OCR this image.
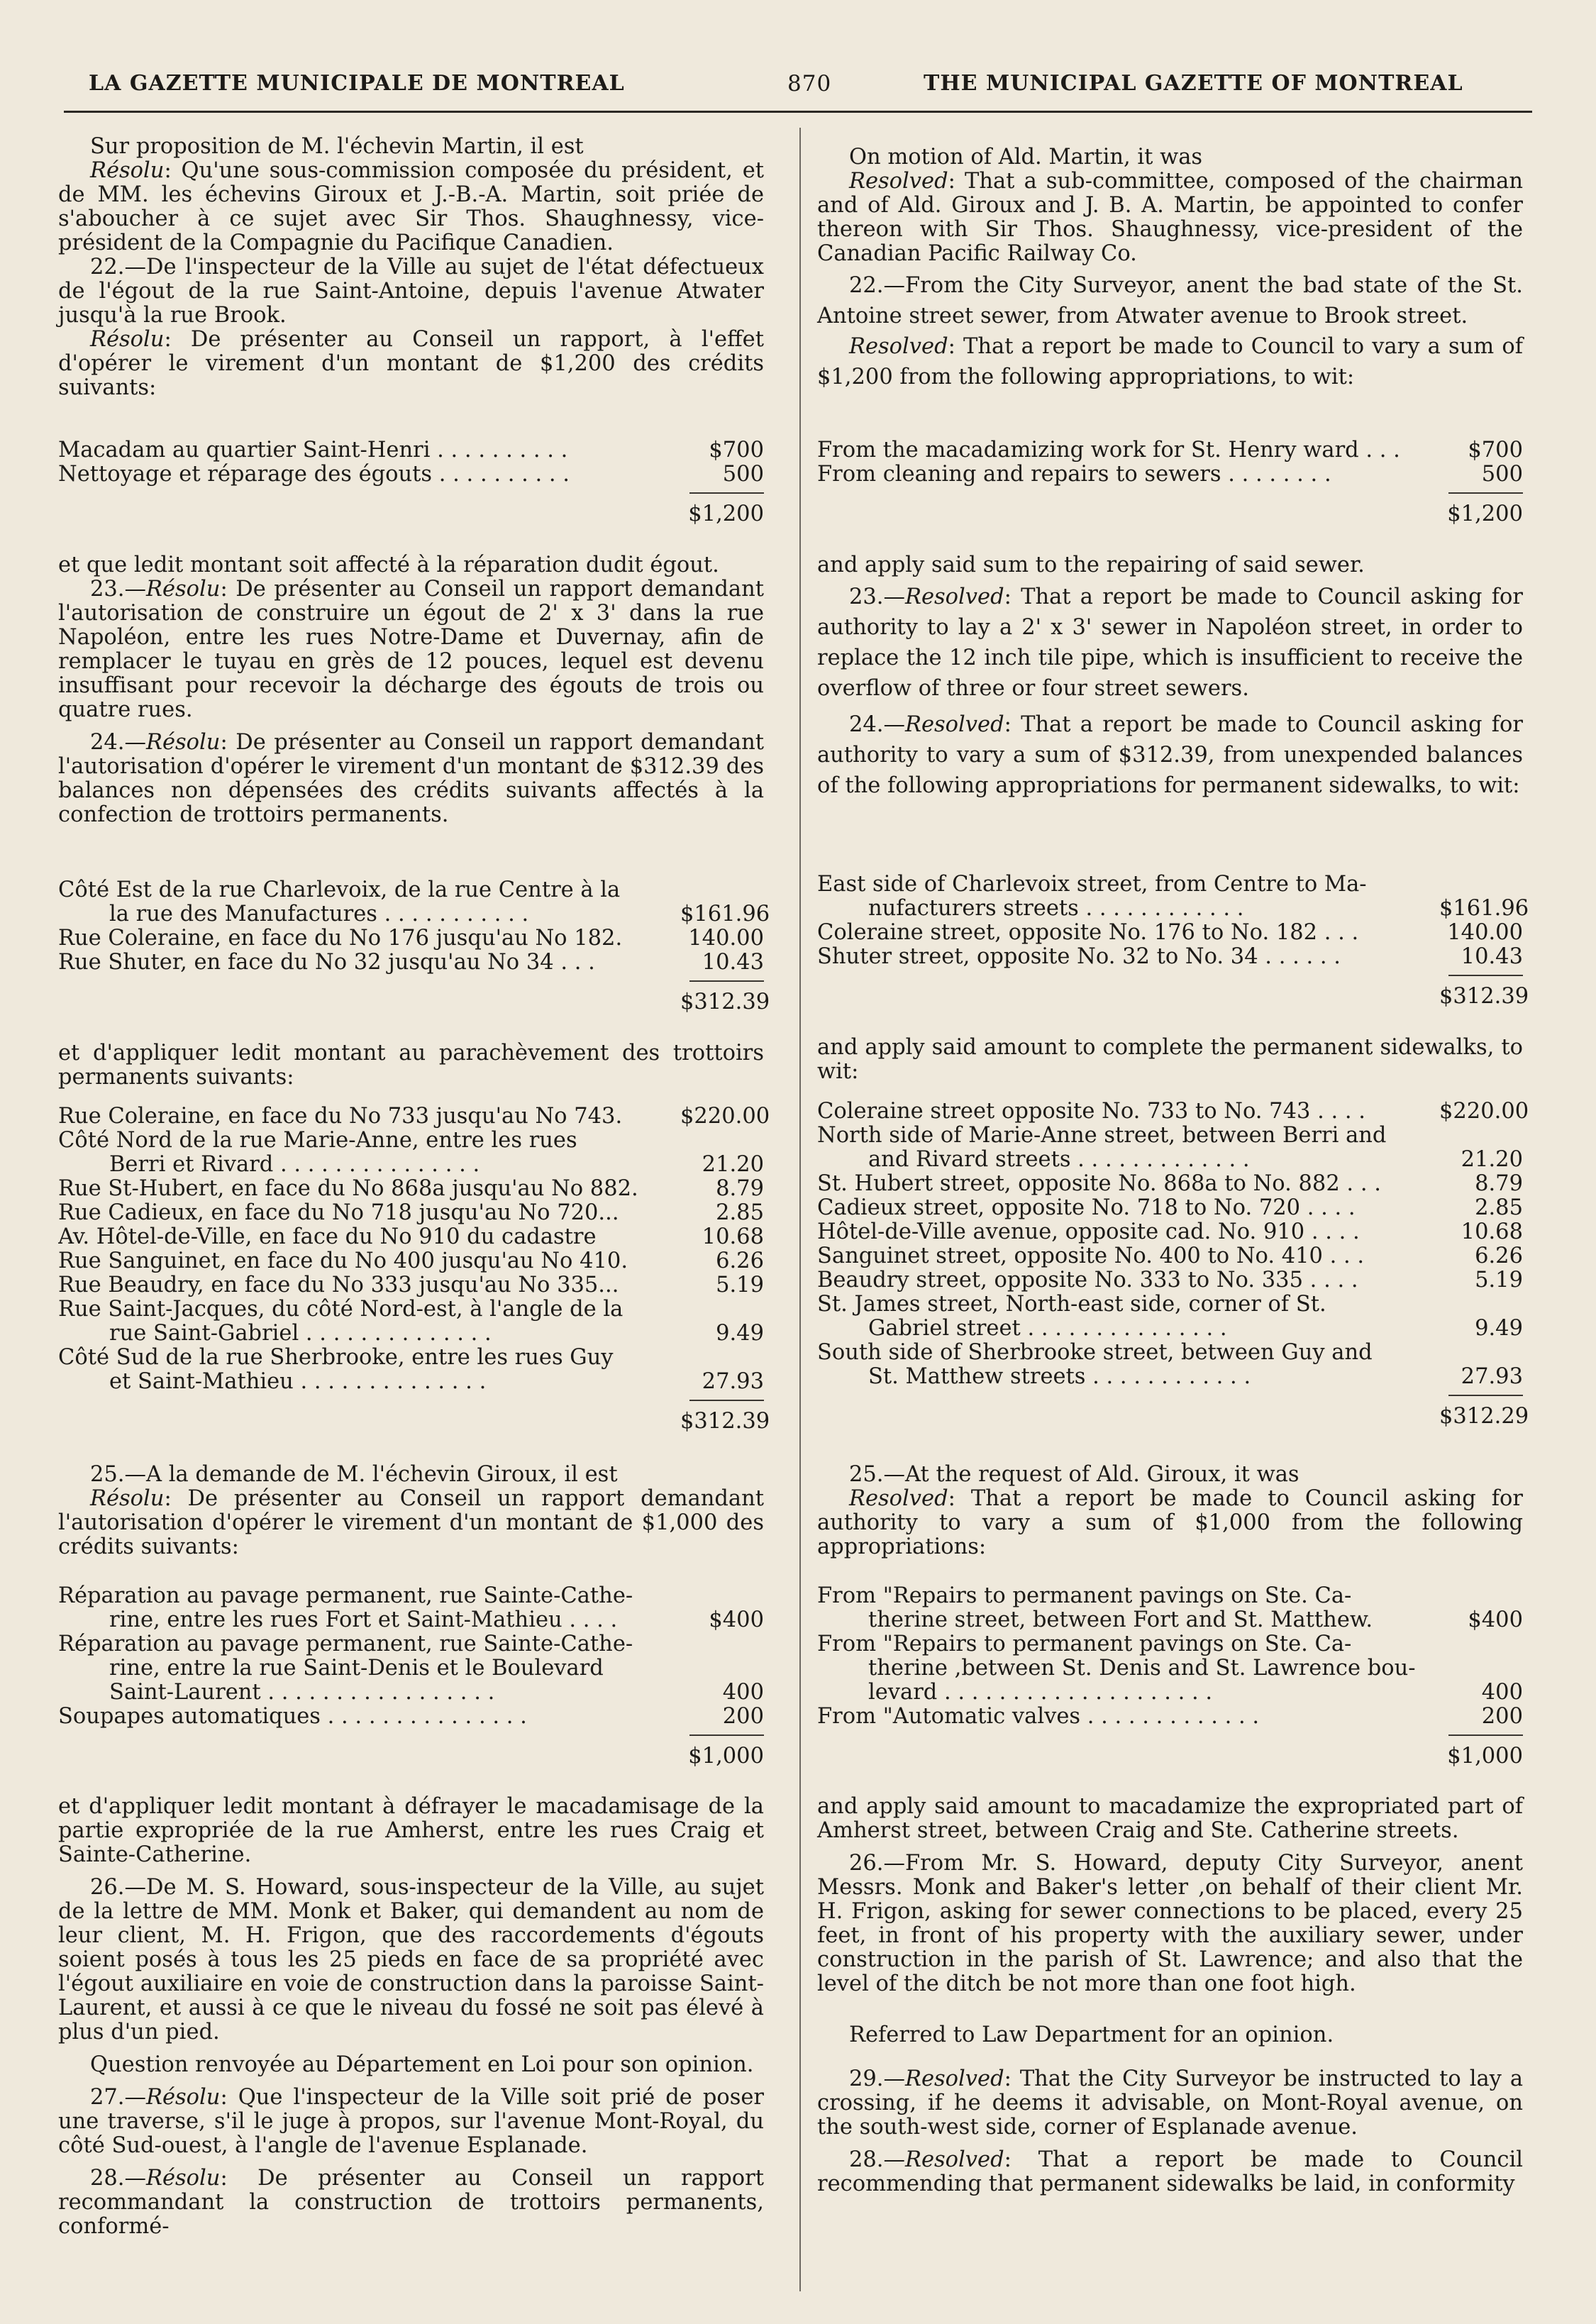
LA GAZETTE MUNICIPALE DE MONTREAL	870	THE MUNICIPAL GAZETTE OF MONTREAL

Sur proposition de M. l'échevin Martin, il est

Résolu: Qu'une sous-commission composée du président, et de MM. les échevins Giroux et J.-B.-A. Martin, soit priée de s'aboucher à ce sujet avec Sir Thos. Shaughnessy, vice-président de la Compagnie du Pacifique Canadien.

22.—De l'inspecteur de la Ville au sujet de l'état défectueux de l'égout de la rue Saint-Antoine, depuis l'avenue Atwater jusqu'à la rue Brook.

Résolu: De présenter au Conseil un rapport, à l'effet d'opérer le virement d'un montant de $1,200 des crédits suivants:

Macadam au quartier Saint-Henri . . . . . . . . . .	$700
Nettoyage et réparage des égouts . . . . . . . . . .	500
$1,200

et que ledit montant soit affecté à la réparation dudit égout.

23.—Résolu: De présenter au Conseil un rapport demandant l'autorisation de construire un égout de 2' x 3' dans la rue Napoléon, entre les rues Notre-Dame et Duvernay, afin de remplacer le tuyau en grès de 12 pouces, lequel est devenu insuffisant pour recevoir la décharge des égouts de trois ou quatre rues.

24.—Résolu: De présenter au Conseil un rapport demandant l'autorisation d'opérer le virement d'un montant de $312.39 des balances non dépensées des crédits suivants affectés à la confection de trottoirs permanents.

Côté Est de la rue Charlevoix, de la rue Centre à la
la rue des Manufactures . . . . . . . . . . .	$161.96
Rue Coleraine, en face du No 176 jusqu'au No 182.	140.00
Rue Shuter, en face du No 32 jusqu'au No 34 . . .	10.43
$312.39

et d'appliquer ledit montant au parachèvement des trottoirs permanents suivants:

Rue Coleraine, en face du No 733 jusqu'au No 743.	$220.00
Côté Nord de la rue Marie-Anne, entre les rues
Berri et Rivard . . . . . . . . . . . . . . .	21.20
Rue St-Hubert, en face du No 868a jusqu'au No 882.	8.79
Rue Cadieux, en face du No 718 jusqu'au No 720...	2.85
Av. Hôtel-de-Ville, en face du No 910 du cadastre	10.68
Rue Sanguinet, en face du No 400 jusqu'au No 410.	6.26
Rue Beaudry, en face du No 333 jusqu'au No 335...	5.19
Rue Saint-Jacques, du côté Nord-est, à l'angle de la
rue Saint-Gabriel . . . . . . . . . . . . . .	9.49
Côté Sud de la rue Sherbrooke, entre les rues Guy
et Saint-Mathieu . . . . . . . . . . . . . .	27.93
$312.39

25.—A la demande de M. l'échevin Giroux, il est

Résolu: De présenter au Conseil un rapport demandant l'autorisation d'opérer le virement d'un montant de $1,000 des crédits suivants:

Réparation au pavage permanent, rue Sainte-Cathe-
rine, entre les rues Fort et Saint-Mathieu . . . .	$400
Réparation au pavage permanent, rue Sainte-Cathe-
rine, entre la rue Saint-Denis et le Boulevard
Saint-Laurent . . . . . . . . . . . . . . . . .	400
Soupapes automatiques . . . . . . . . . . . . . . .	200
$1,000

et d'appliquer ledit montant à défrayer le macadamisage de la partie expropriée de la rue Amherst, entre les rues Craig et Sainte-Catherine.

26.—De M. S. Howard, sous-inspecteur de la Ville, au sujet de la lettre de MM. Monk et Baker, qui demandent au nom de leur client, M. H. Frigon, que des raccordements d'égouts soient posés à tous les 25 pieds en face de sa propriété avec l'égout auxiliaire en voie de construction dans la paroisse Saint-Laurent, et aussi à ce que le niveau du fossé ne soit pas élevé à plus d'un pied.

Question renvoyée au Département en Loi pour son opinion.

27.—Résolu: Que l'inspecteur de la Ville soit prié de poser une traverse, s'il le juge à propos, sur l'avenue Mont-Royal, du côté Sud-ouest, à l'angle de l'avenue Esplanade.

28.—Résolu: De présenter au Conseil un rapport recommandant la construction de trottoirs permanents, conformé-

On motion of Ald. Martin, it was

Resolved: That a sub-committee, composed of the chairman and of Ald. Giroux and J. B. A. Martin, be appointed to confer thereon with Sir Thos. Shaughnessy, vice-president of the Canadian Pacific Railway Co.

22.—From the City Surveyor, anent the bad state of the St. Antoine street sewer, from Atwater avenue to Brook street.

Resolved: That a report be made to Council to vary a sum of $1,200 from the following appropriations, to wit:

From the macadamizing work for St. Henry ward . . .	$700
From cleaning and repairs to sewers . . . . . . . .	500
$1,200

and apply said sum to the repairing of said sewer.

23.—Resolved: That a report be made to Council asking for authority to lay a 2' x 3' sewer in Napoléon street, in order to replace the 12 inch tile pipe, which is insufficient to receive the overflow of three or four street sewers.

24.—Resolved: That a report be made to Council asking for authority to vary a sum of $312.39, from unexpended balances of the following appropriations for permanent sidewalks, to wit:

East side of Charlevoix street, from Centre to Ma-
nufacturers streets . . . . . . . . . . . .	$161.96
Coleraine street, opposite No. 176 to No. 182 . . .	140.00
Shuter street, opposite No. 32 to No. 34 . . . . . .	10.43
$312.39

and apply said amount to complete the permanent sidewalks, to wit:

Coleraine street opposite No. 733 to No. 743 . . . .	$220.00
North side of Marie-Anne street, between Berri and
and Rivard streets . . . . . . . . . . . . .	21.20
St. Hubert street, opposite No. 868a to No. 882 . . .	8.79
Cadieux street, opposite No. 718 to No. 720 . . . .	2.85
Hôtel-de-Ville avenue, opposite cad. No. 910 . . . .	10.68
Sanguinet street, opposite No. 400 to No. 410 . . .	6.26
Beaudry street, opposite No. 333 to No. 335 . . . .	5.19
St. James street, North-east side, corner of St.
Gabriel street . . . . . . . . . . . . . . .	9.49
South side of Sherbrooke street, between Guy and
St. Matthew streets . . . . . . . . . . . .	27.93
$312.29

25.—At the request of Ald. Giroux, it was

Resolved: That a report be made to Council asking for authority to vary a sum of $1,000 from the following appropriations:

From "Repairs to permanent pavings on Ste. Ca-
therine street, between Fort and St. Matthew.	$400
From "Repairs to permanent pavings on Ste. Ca-
therine ,between St. Denis and St. Lawrence bou-
levard . . . . . . . . . . . . . . . . . . . .	400
From "Automatic valves . . . . . . . . . . . . .	200
$1,000

and apply said amount to macadamize the expropriated part of Amherst street, between Craig and Ste. Catherine streets.

26.—From Mr. S. Howard, deputy City Surveyor, anent Messrs. Monk and Baker's letter ,on behalf of their client Mr. H. Frigon, asking for sewer connections to be placed, every 25 feet, in front of his property with the auxiliary sewer, under construction in the parish of St. Lawrence; and also that the level of the ditch be not more than one foot high.

Referred to Law Department for an opinion.

29.—Resolved: That the City Surveyor be instructed to lay a crossing, if he deems it advisable, on Mont-Royal avenue, on the south-west side, corner of Esplanade avenue.

28.—Resolved: That a report be made to Council recommending that permanent sidewalks be laid, in conformity
